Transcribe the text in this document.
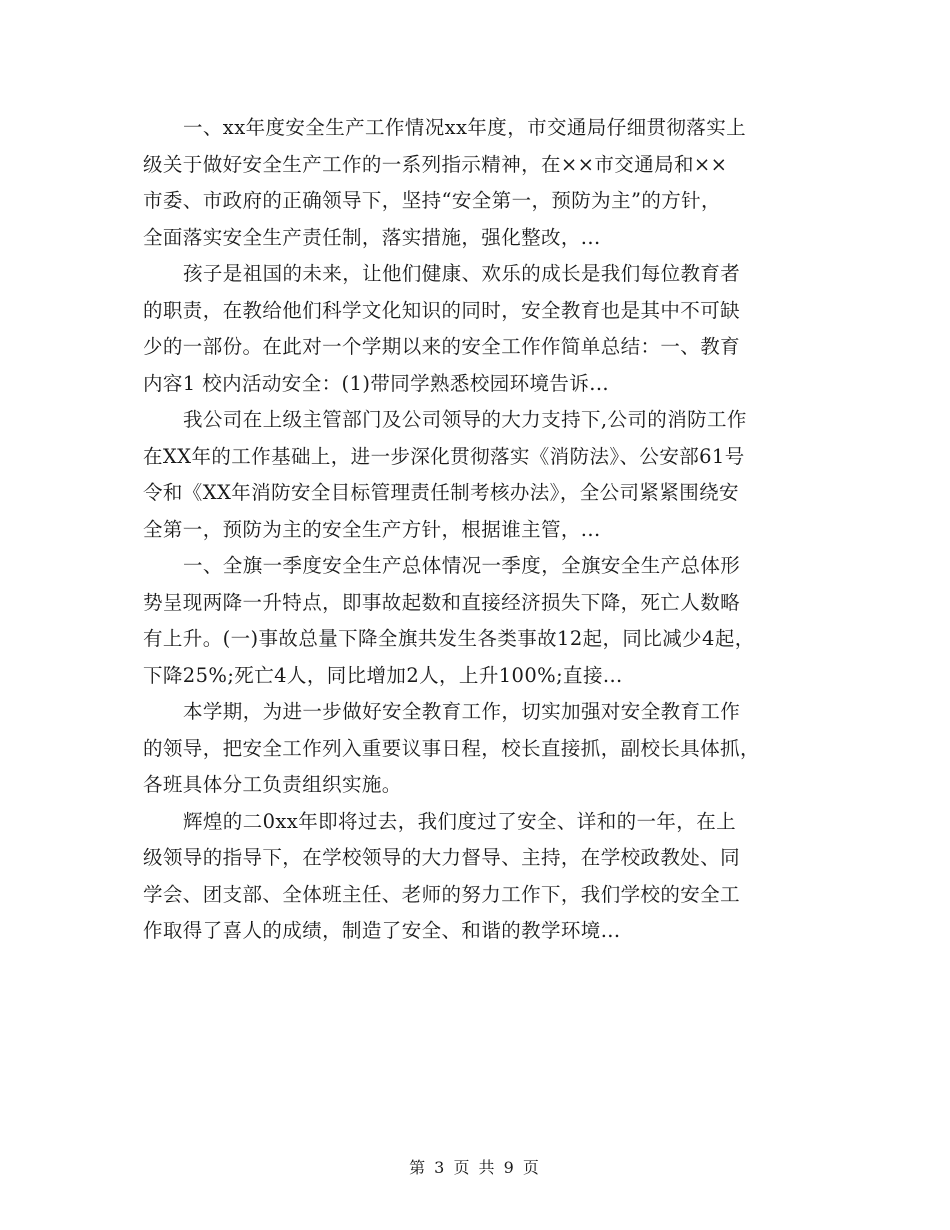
一、xx年度安全生产工作情况xx年度，市交通局仔细贯彻落实上
级关于做好安全生产工作的一系列指示精神，在××市交通局和××
市委、市政府的正确领导下，坚持“安全第一，预防为主”的方针，
全面落实安全生产责任制，落实措施，强化整改，...
孩子是祖国的未来，让他们健康、欢乐的成长是我们每位教育者
的职责，在教给他们科学文化知识的同时，安全教育也是其中不可缺
少的一部份。在此对一个学期以来的安全工作作简单总结：一、教育
内容1 校内活动安全：(1)带同学熟悉校园环境告诉...
我公司在上级主管部门及公司领导的大力支持下,公司的消防工作
在XX年的工作基础上，进一步深化贯彻落实《消防法》、公安部61号
令和《XX年消防安全目标管理责任制考核办法》，全公司紧紧围绕安
全第一，预防为主的安全生产方针，根据谁主管，...
一、全旗一季度安全生产总体情况一季度，全旗安全生产总体形
势呈现两降一升特点，即事故起数和直接经济损失下降，死亡人数略
有上升。(一)事故总量下降全旗共发生各类事故12起，同比减少4起，
下降25%;死亡4人，同比增加2人，上升100%;直接...
本学期，为进一步做好安全教育工作，切实加强对安全教育工作
的领导，把安全工作列入重要议事日程，校长直接抓，副校长具体抓，
各班具体分工负责组织实施。
辉煌的二0xx年即将过去，我们度过了安全、详和的一年，在上
级领导的指导下，在学校领导的大力督导、主持，在学校政教处、同
学会、团支部、全体班主任、老师的努力工作下，我们学校的安全工
作取得了喜人的成绩，制造了安全、和谐的教学环境...
第 3 页 共 9 页
